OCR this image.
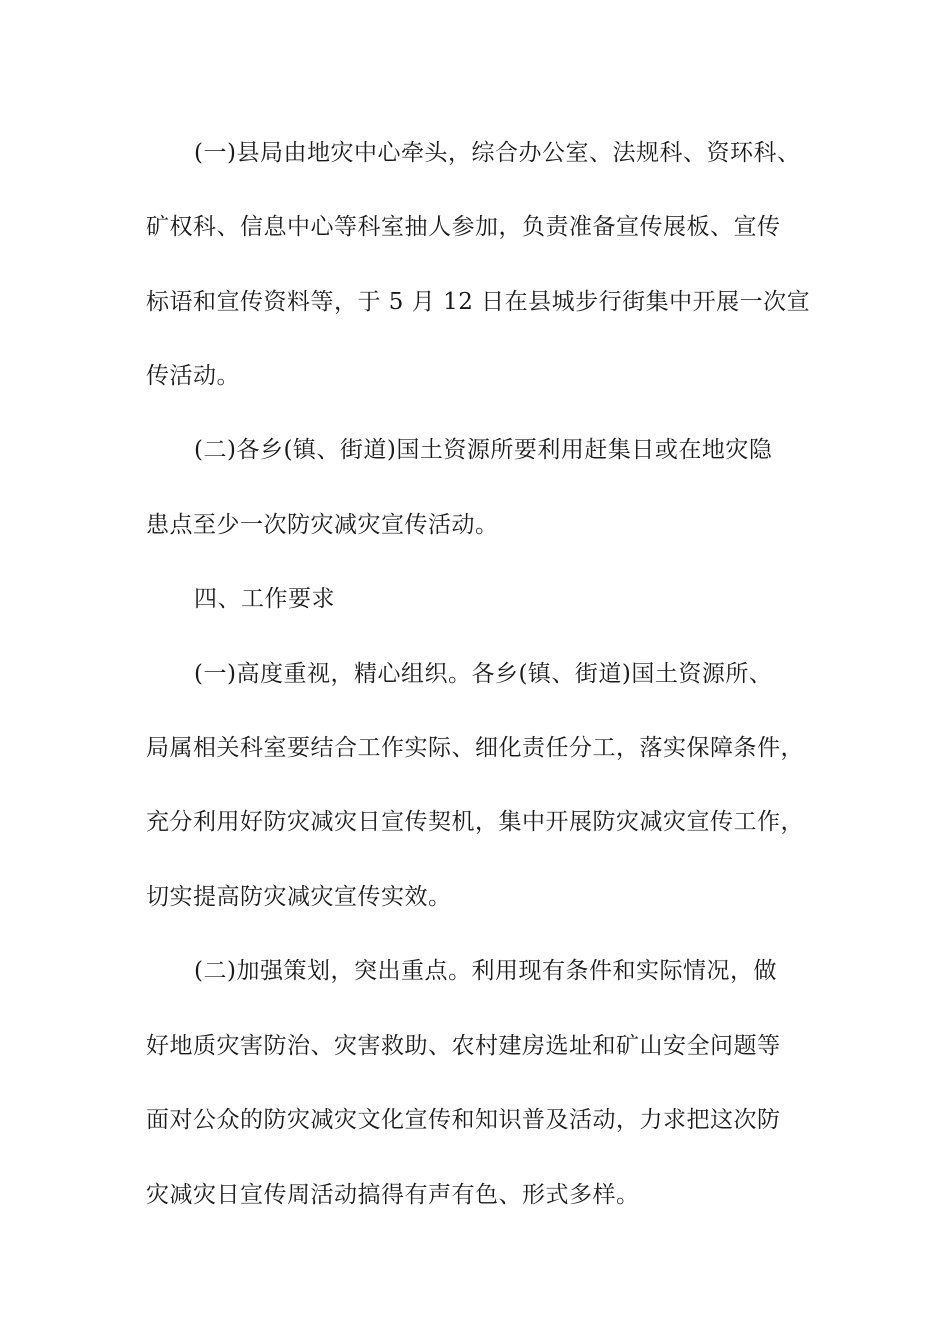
(一)县局由地灾中心牵头，综合办公室、法规科、资环科、

矿权科、信息中心等科室抽人参加，负责准备宣传展板、宣传

标语和宣传资料等，于 5 月 12 日在县城步行街集中开展一次宣

传活动。

(二)各乡(镇、街道)国土资源所要利用赶集日或在地灾隐

患点至少一次防灾减灾宣传活动。

四、工作要求

(一)高度重视，精心组织。各乡(镇、街道)国土资源所、

局属相关科室要结合工作实际、细化责任分工，落实保障条件，

充分利用好防灾减灾日宣传契机，集中开展防灾减灾宣传工作，

切实提高防灾减灾宣传实效。

(二)加强策划，突出重点。利用现有条件和实际情况，做

好地质灾害防治、灾害救助、农村建房选址和矿山安全问题等

面对公众的防灾减灾文化宣传和知识普及活动，力求把这次防

灾减灾日宣传周活动搞得有声有色、形式多样。
